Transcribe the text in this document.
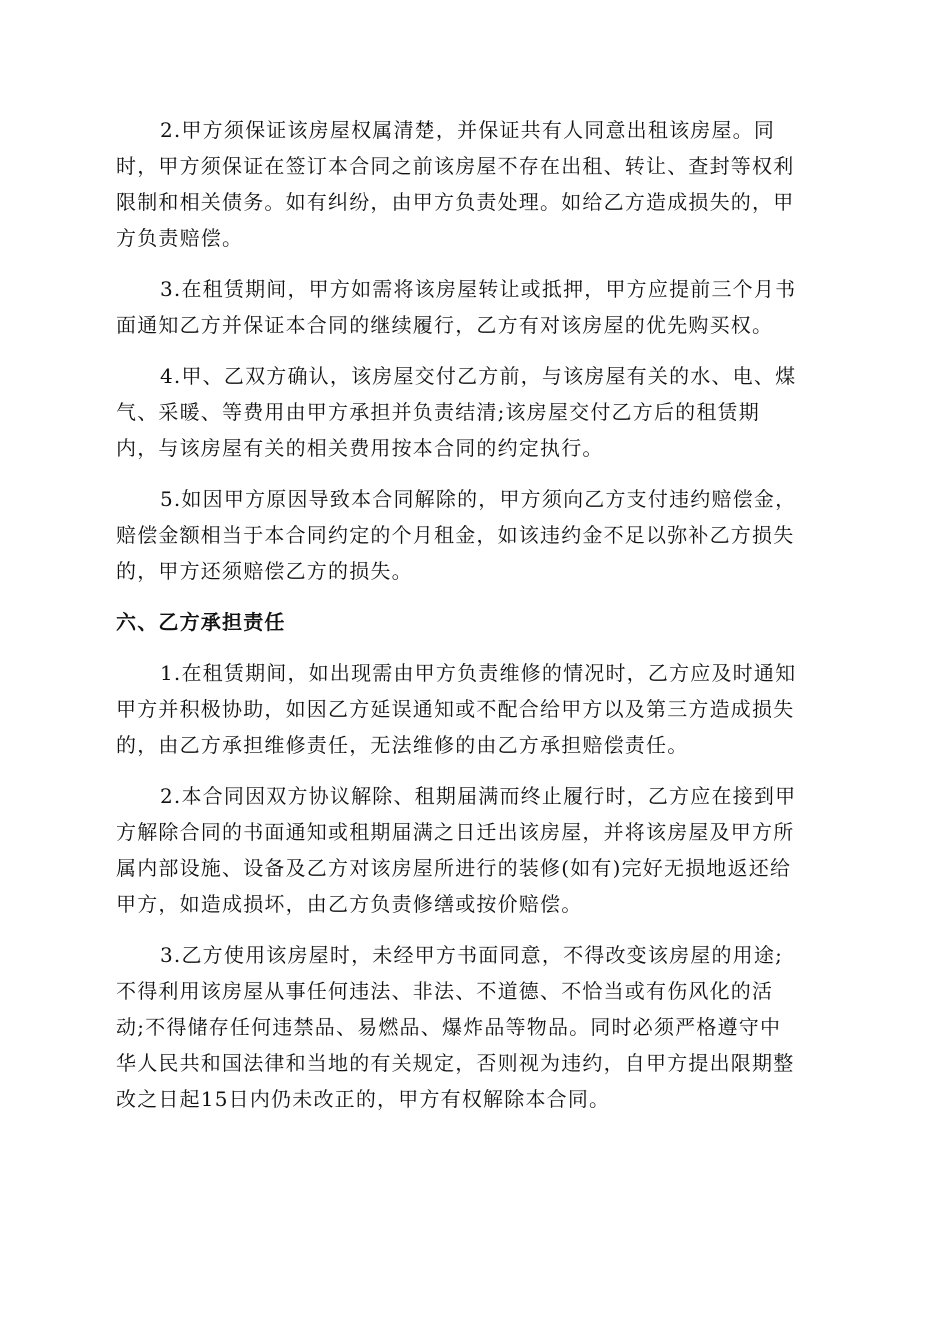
2.甲方须保证该房屋权属清楚，并保证共有人同意出租该房屋。同
时，甲方须保证在签订本合同之前该房屋不存在出租、转让、查封等权利
限制和相关债务。如有纠纷，由甲方负责处理。如给乙方造成损失的，甲
方负责赔偿。

3.在租赁期间，甲方如需将该房屋转让或抵押，甲方应提前三个月书
面通知乙方并保证本合同的继续履行，乙方有对该房屋的优先购买权。

4.甲、乙双方确认，该房屋交付乙方前，与该房屋有关的水、电、煤
气、采暖、等费用由甲方承担并负责结清;该房屋交付乙方后的租赁期
内，与该房屋有关的相关费用按本合同的约定执行。

5.如因甲方原因导致本合同解除的，甲方须向乙方支付违约赔偿金，
赔偿金额相当于本合同约定的个月租金，如该违约金不足以弥补乙方损失
的，甲方还须赔偿乙方的损失。

六、乙方承担责任

1.在租赁期间，如出现需由甲方负责维修的情况时，乙方应及时通知
甲方并积极协助，如因乙方延误通知或不配合给甲方以及第三方造成损失
的，由乙方承担维修责任，无法维修的由乙方承担赔偿责任。

2.本合同因双方协议解除、租期届满而终止履行时，乙方应在接到甲
方解除合同的书面通知或租期届满之日迁出该房屋，并将该房屋及甲方所
属内部设施、设备及乙方对该房屋所进行的装修(如有)完好无损地返还给
甲方，如造成损坏，由乙方负责修缮或按价赔偿。

3.乙方使用该房屋时，未经甲方书面同意，不得改变该房屋的用途;
不得利用该房屋从事任何违法、非法、不道德、不恰当或有伤风化的活
动;不得储存任何违禁品、易燃品、爆炸品等物品。同时必须严格遵守中
华人民共和国法律和当地的有关规定，否则视为违约，自甲方提出限期整
改之日起15日内仍未改正的，甲方有权解除本合同。
